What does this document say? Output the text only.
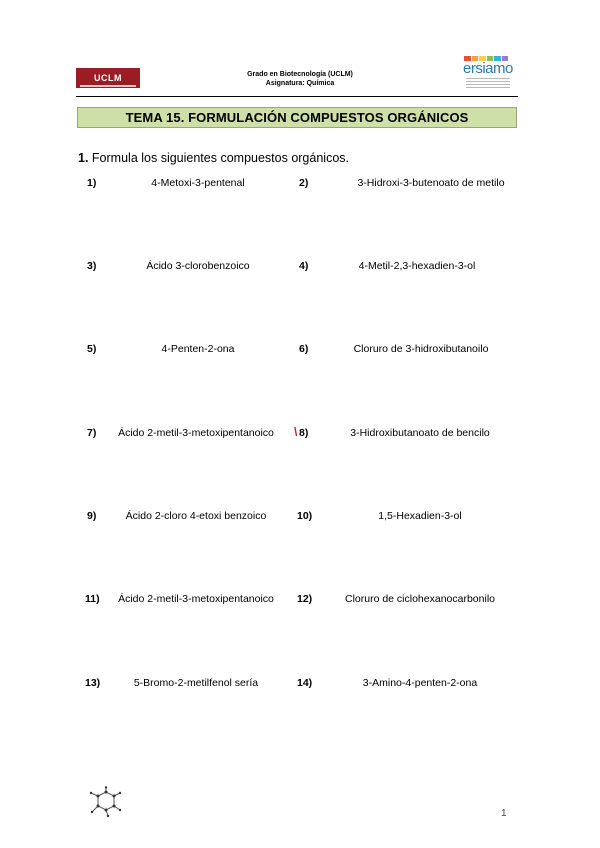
UCLM	Grado en Biotecnología (UCLM)
Asignatura: Química
ersiamo
TEMA 15. FORMULACIÓN COMPUESTOS ORGÁNICOS
1. Formula los siguientes compuestos orgánicos.
1)	4-Metoxi-3-pentenal	2)	3-Hidroxi-3-butenoato de metilo
3)	Ácido 3-clorobenzoico	4)	4-Metil-2,3-hexadien-3-ol
5)	4-Penten-2-ona	6)	Cloruro de 3-hidroxibutanoilo
7)	Ácido 2-metil-3-metoxipentanoico	\ 8)	3-Hidroxibutanoato de bencilo
9)	Ácido 2-cloro 4-etoxi benzoico	10)	1,5-Hexadien-3-ol
11)	Ácido 2-metil-3-metoxipentanoico	12)	Cloruro de ciclohexanocarbonilo
13)	5-Bromo-2-metilfenol sería	14)	3-Amino-4-penten-2-ona
1
